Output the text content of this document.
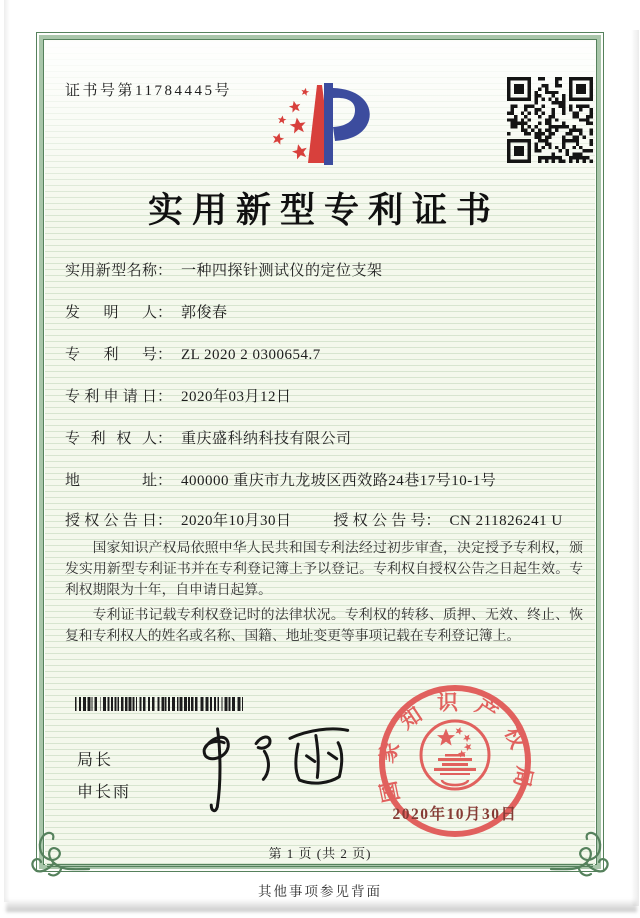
证书号第11784445号
实用新型专利证书
实用新型名称： 一种四探针测试仪的定位支架
发明人： 郭俊春
专利号： ZL 2020 2 0300654.7
专利申请日： 2020年03月12日
专利权人： 重庆盛科纳科技有限公司
地址： 400000 重庆市九龙坡区西效路24巷17号10-1号
授权公告日： 2020年10月30日	授权公告号： CN 211826241 U

国家知识产权局依照中华人民共和国专利法经过初步审查，决定授予专利权，颁发实用新型专利证书并在专利登记簿上予以登记。专利权自授权公告之日起生效。专利权期限为十年，自申请日起算。

专利证书记载专利权登记时的法律状况。专利权的转移、质押、无效、终止、恢复和专利权人的姓名或名称、国籍、地址变更等事项记载在专利登记簿上。

局长
申长雨	国家知识产权局
2020年10月30日
第 1 页 (共 2 页)
其他事项参见背面
